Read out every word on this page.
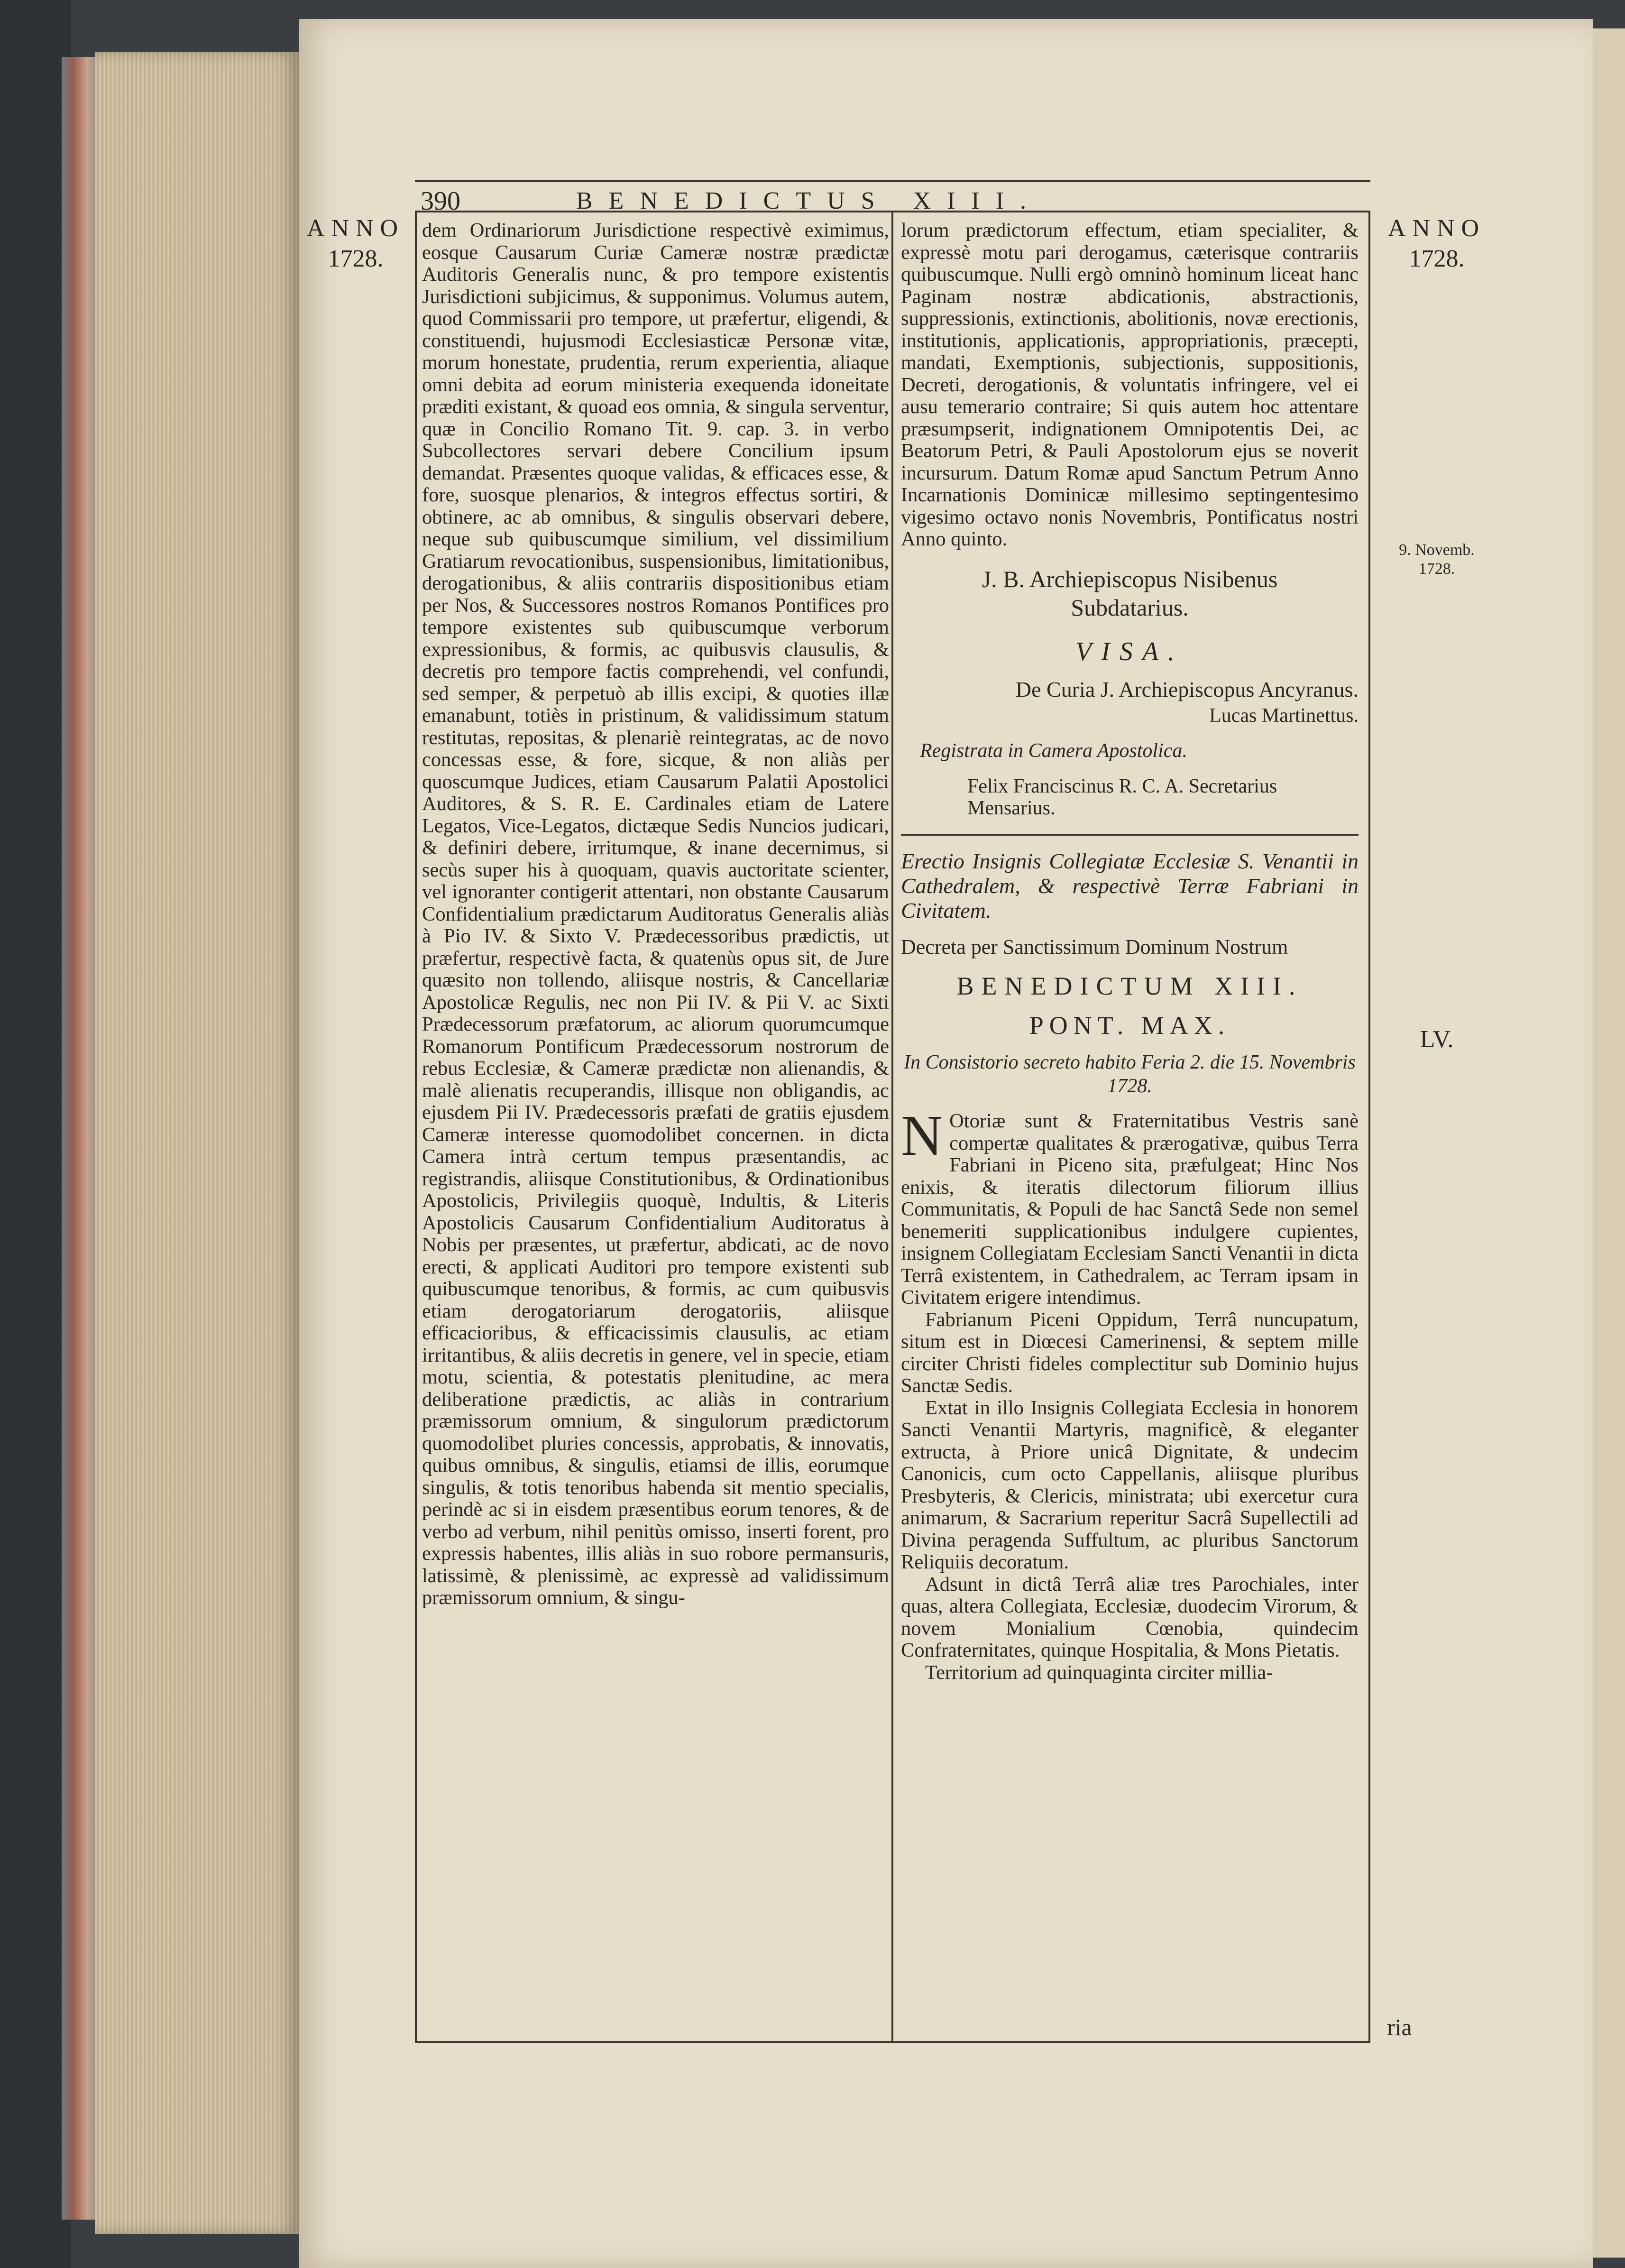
390	BENEDICTUS XIII.
ANNO
1728.
ANNO
1728.
9. Novemb.
1728.
LV.

dem Ordinariorum Jurisdictione respectivè eximimus, eosque Causarum Curiæ Cameræ nostræ prædictæ Auditoris Generalis nunc, & pro tempore existentis Jurisdictioni subjicimus, & supponimus. Volumus autem, quod Commissarii pro tempore, ut præfertur, eligendi, & constituendi, hujusmodi Ecclesiasticæ Personæ vitæ, morum honestate, prudentia, rerum experientia, aliaque omni debita ad eorum ministeria exequenda idoneitate præditi existant, & quoad eos omnia, & singula serventur, quæ in Concilio Romano Tit. 9. cap. 3. in verbo Subcollectores servari debere Concilium ipsum demandat. Præsentes quoque validas, & efficaces esse, & fore, suosque plenarios, & integros effectus sortiri, & obtinere, ac ab omnibus, & singulis observari debere, neque sub quibuscumque similium, vel dissimilium Gratiarum revocationibus, suspensionibus, limitationibus, derogationibus, & aliis contrariis dispositionibus etiam per Nos, & Successores nostros Romanos Pontifices pro tempore existentes sub quibuscumque verborum expressionibus, & formis, ac quibusvis clausulis, & decretis pro tempore factis comprehendi, vel confundi, sed semper, & perpetuò ab illis excipi, & quoties illæ emanabunt, totiès in pristinum, & validissimum statum restitutas, repositas, & plenariè reintegratas, ac de novo concessas esse, & fore, sicque, & non aliàs per quoscumque Judices, etiam Causarum Palatii Apostolici Auditores, & S. R. E. Cardinales etiam de Latere Legatos, Vice-Legatos, dictæque Sedis Nuncios judicari, & definiri debere, irritumque, & inane decernimus, si secùs super his à quoquam, quavis auctoritate scienter, vel ignoranter contigerit attentari, non obstante Causarum Confidentialium prædictarum Auditoratus Generalis aliàs à Pio IV. & Sixto V. Prædecessoribus prædictis, ut præfertur, respectivè facta, & quatenùs opus sit, de Jure quæsito non tollendo, aliisque nostris, & Cancellariæ Apostolicæ Regulis, nec non Pii IV. & Pii V. ac Sixti Prædecessorum præfatorum, ac aliorum quorumcumque Romanorum Pontificum Prædecessorum nostrorum de rebus Ecclesiæ, & Cameræ prædictæ non alienandis, & malè alienatis recuperandis, illisque non obligandis, ac ejusdem Pii IV. Prædecessoris præfati de gratiis ejusdem Cameræ interesse quomodolibet concernen. in dicta Camera intrà certum tempus præsentandis, ac registrandis, aliisque Constitutionibus, & Ordinationibus Apostolicis, Privilegiis quoquè, Indultis, & Literis Apostolicis Causarum Confidentialium Auditoratus à Nobis per præsentes, ut præfertur, abdicati, ac de novo erecti, & applicati Auditori pro tempore existenti sub quibuscumque tenoribus, & formis, ac cum quibusvis etiam derogatoriarum derogatoriis, aliisque efficacioribus, & efficacissimis clausulis, ac etiam irritantibus, & aliis decretis in genere, vel in specie, etiam motu, scientia, & potestatis plenitudine, ac mera deliberatione prædictis, ac aliàs in contrarium præmissorum omnium, & singulorum prædictorum quomodolibet pluries concessis, approbatis, & innovatis, quibus omnibus, & singulis, etiamsi de illis, eorumque singulis, & totis tenoribus habenda sit mentio specialis, perindè ac si in eisdem præsentibus eorum tenores, & de verbo ad verbum, nihil penitùs omisso, inserti forent, pro expressis habentes, illis aliàs in suo robore permansuris, latissimè, & plenissimè, ac expressè ad validissimum præmissorum omnium, & singu-

lorum prædictorum effectum, etiam specialiter, & expressè motu pari derogamus, cæterisque contrariis quibuscumque. Nulli ergò omninò hominum liceat hanc Paginam nostræ abdicationis, abstractionis, suppressionis, extinctionis, abolitionis, novæ erectionis, institutionis, applicationis, appropriationis, præcepti, mandati, Exemptionis, subjectionis, suppositionis, Decreti, derogationis, & voluntatis infringere, vel ei ausu temerario contraire; Si quis autem hoc attentare præsumpserit, indignationem Omnipotentis Dei, ac Beatorum Petri, & Pauli Apostolorum ejus se noverit incursurum. Datum Romæ apud Sanctum Petrum Anno Incarnationis Dominicæ millesimo septingentesimo vigesimo octavo nonis Novembris, Pontificatus nostri Anno quinto.

J. B. Archiepiscopus Nisibenus
Subdatarius.
VISA.
De Curia J. Archiepiscopus Ancyranus.
Lucas Martinettus.
Registrata in Camera Apostolica.
Felix Franciscinus R. C. A. Secretarius
Mensarius.

Erectio Insignis Collegiatæ Ecclesiæ S. Venantii in Cathedralem, & respectivè Terræ Fabriani in Civitatem.

Decreta per Sanctissimum Dominum Nostrum

BENEDICTUM XIII.
PONT. MAX.

In Consistorio secreto habito Feria 2. die 15. Novembris 1728.

N Otoriæ sunt & Fraternitatibus Vestris sanè compertæ qualitates & prærogativæ, quibus Terra Fabriani in Piceno sita, præfulgeat; Hinc Nos enixis, & iteratis dilectorum filiorum illius Communitatis, & Populi de hac Sanctâ Sede non semel benemeriti supplicationibus indulgere cupientes, insignem Collegiatam Ecclesiam Sancti Venantii in dicta Terrâ existentem, in Cathedralem, ac Terram ipsam in Civitatem erigere intendimus.

Fabrianum Piceni Oppidum, Terrâ nuncupatum, situm est in Diœcesi Camerinensi, & septem mille circiter Christi fideles complectitur sub Dominio hujus Sanctæ Sedis.

Extat in illo Insignis Collegiata Ecclesia in honorem Sancti Venantii Martyris, magnificè, & eleganter extructa, à Priore unicâ Dignitate, & undecim Canonicis, cum octo Cappellanis, aliisque pluribus Presbyteris, & Clericis, ministrata; ubi exercetur cura animarum, & Sacrarium reperitur Sacrâ Supellectili ad Divina peragenda Suffultum, ac pluribus Sanctorum Reliquiis decoratum.

Adsunt in dictâ Terrâ aliæ tres Parochiales, inter quas, altera Collegiata, Ecclesiæ, duodecim Virorum, & novem Monialium Cœnobia, quindecim Confraternitates, quinque Hospitalia, & Mons Pietatis.

Territorium ad quinquaginta circiter millia-

ria
